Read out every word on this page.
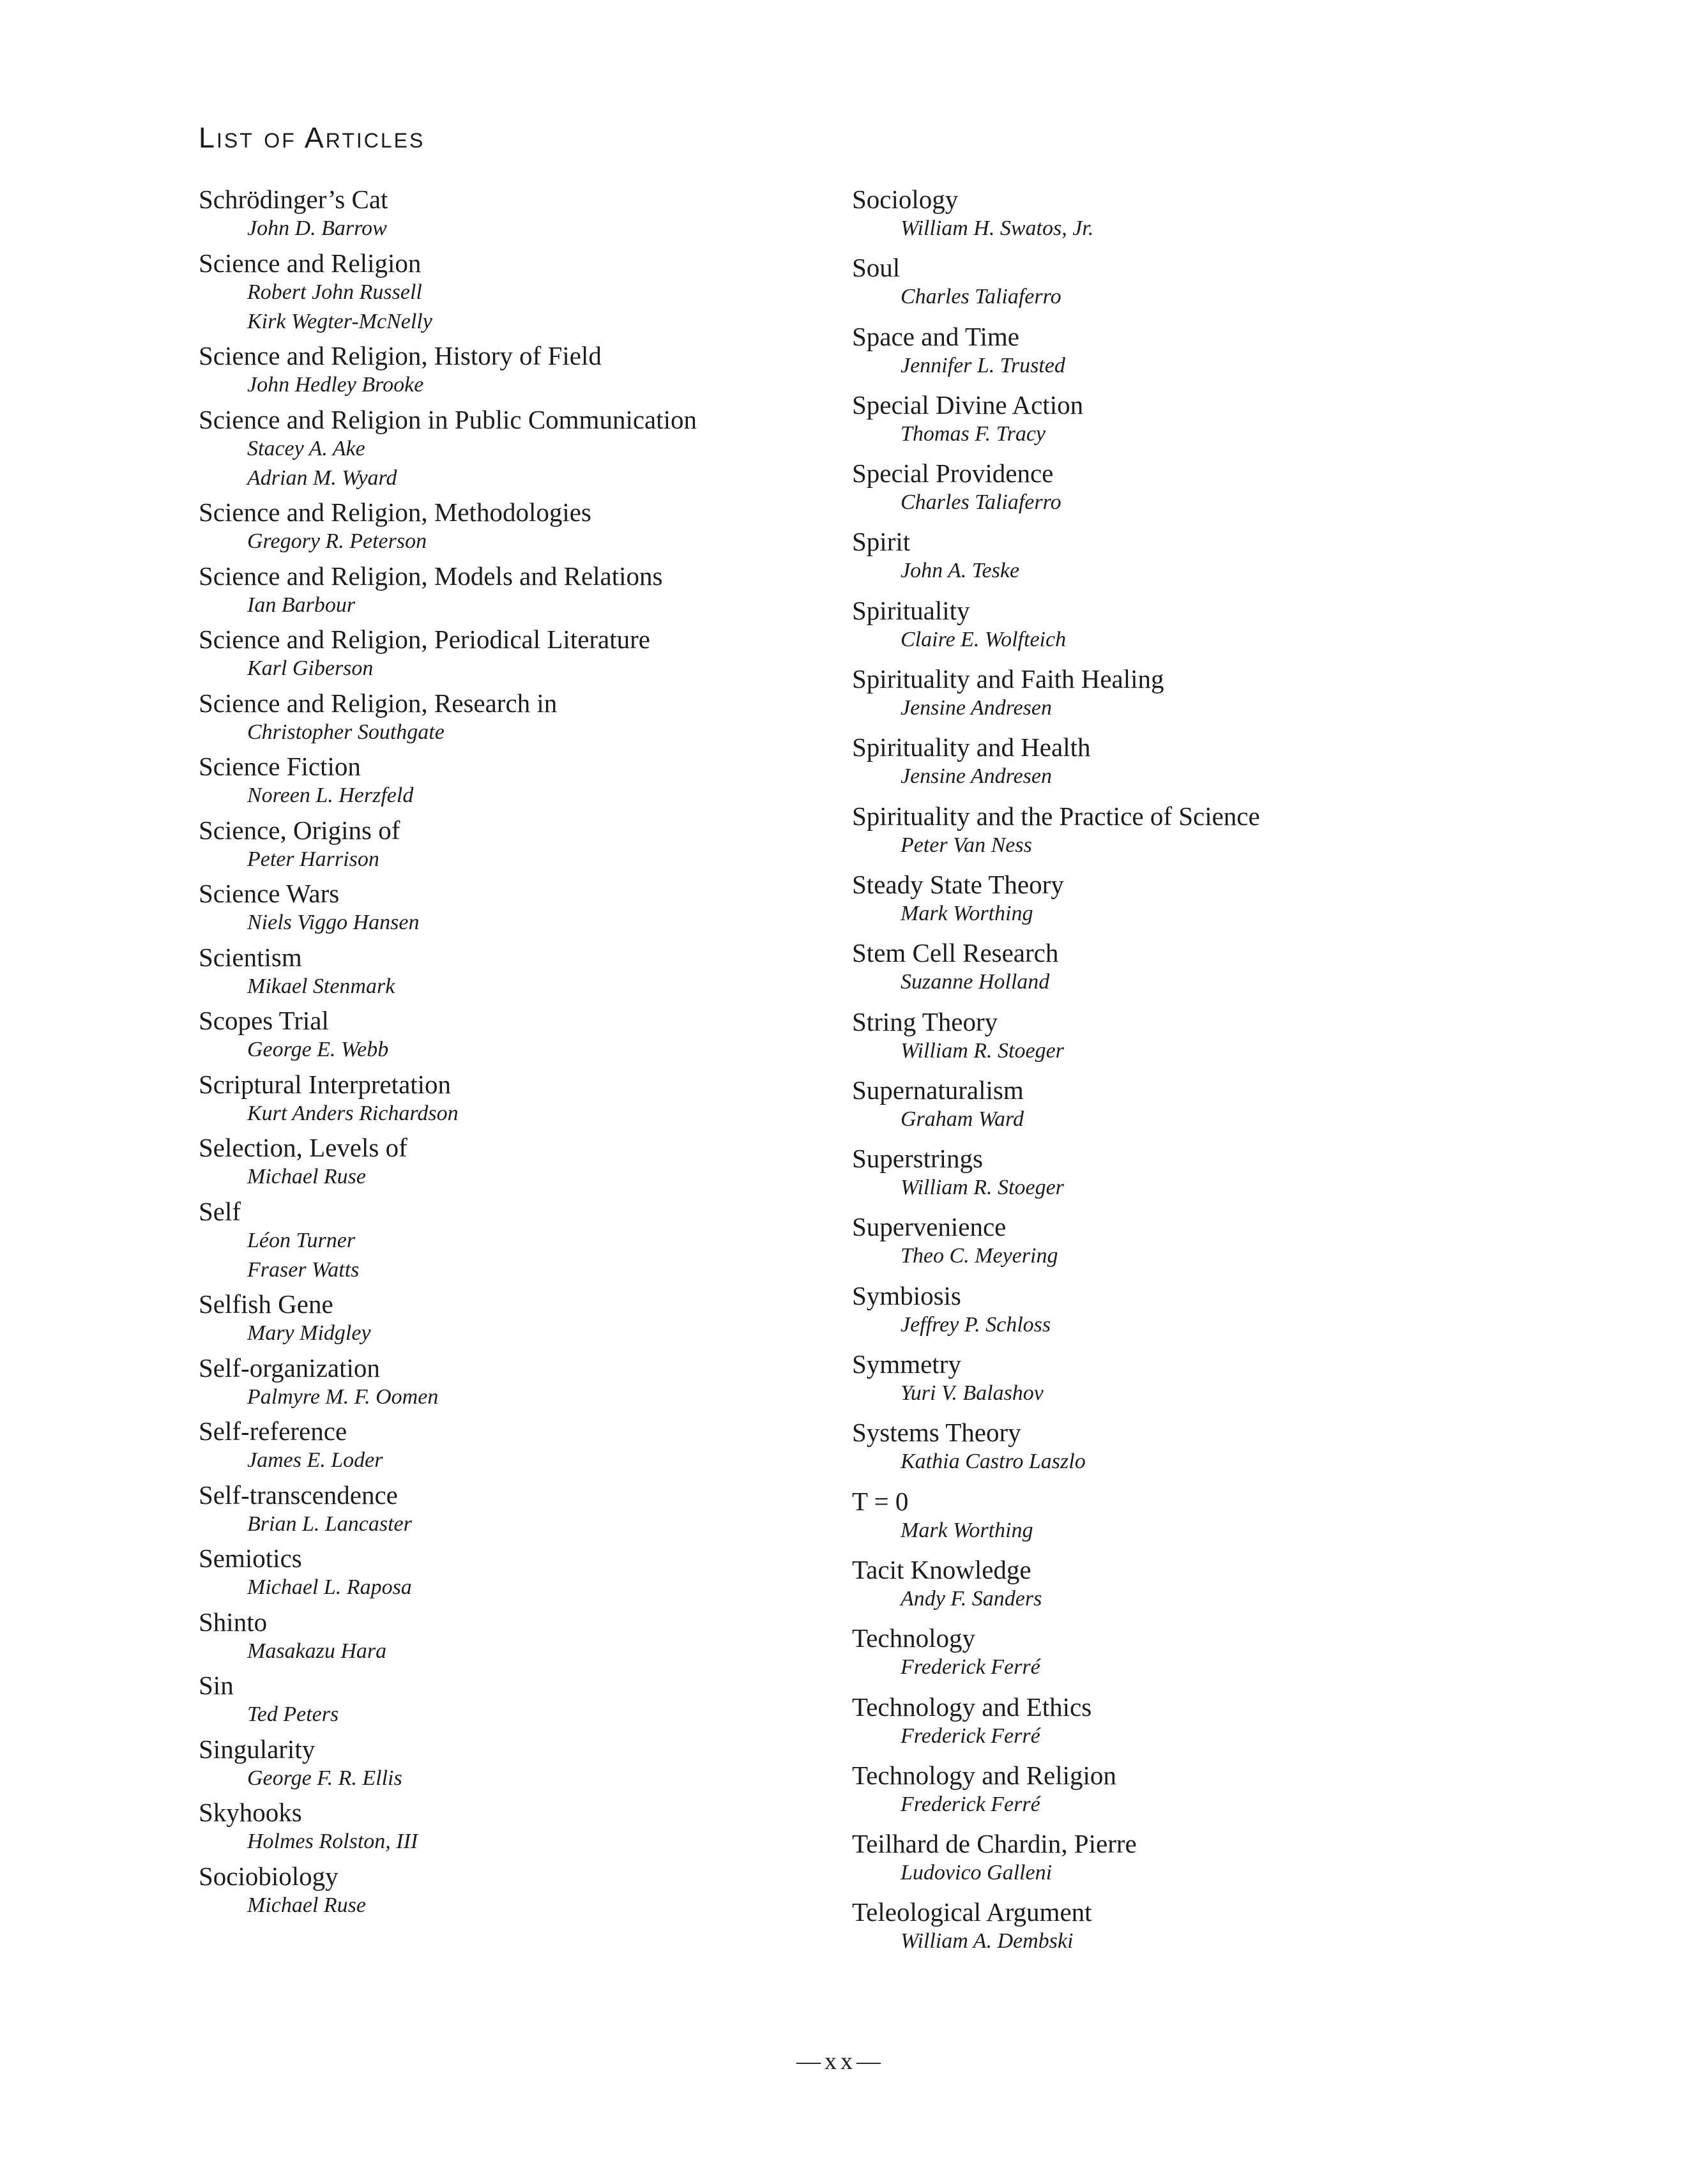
List of Articles
Schrödinger’s Cat
John D. Barrow
Science and Religion
Robert John Russell
Kirk Wegter-McNelly
Science and Religion, History of Field
John Hedley Brooke
Science and Religion in Public Communication
Stacey A. Ake
Adrian M. Wyard
Science and Religion, Methodologies
Gregory R. Peterson
Science and Religion, Models and Relations
Ian Barbour
Science and Religion, Periodical Literature
Karl Giberson
Science and Religion, Research in
Christopher Southgate
Science Fiction
Noreen L. Herzfeld
Science, Origins of
Peter Harrison
Science Wars
Niels Viggo Hansen
Scientism
Mikael Stenmark
Scopes Trial
George E. Webb
Scriptural Interpretation
Kurt Anders Richardson
Selection, Levels of
Michael Ruse
Self
Léon Turner
Fraser Watts
Selfish Gene
Mary Midgley
Self-organization
Palmyre M. F. Oomen
Self-reference
James E. Loder
Self-transcendence
Brian L. Lancaster
Semiotics
Michael L. Raposa
Shinto
Masakazu Hara
Sin
Ted Peters
Singularity
George F. R. Ellis
Skyhooks
Holmes Rolston, III
Sociobiology
Michael Ruse
Sociology
William H. Swatos, Jr.
Soul
Charles Taliaferro
Space and Time
Jennifer L. Trusted
Special Divine Action
Thomas F. Tracy
Special Providence
Charles Taliaferro
Spirit
John A. Teske
Spirituality
Claire E. Wolfteich
Spirituality and Faith Healing
Jensine Andresen
Spirituality and Health
Jensine Andresen
Spirituality and the Practice of Science
Peter Van Ness
Steady State Theory
Mark Worthing
Stem Cell Research
Suzanne Holland
String Theory
William R. Stoeger
Supernaturalism
Graham Ward
Superstrings
William R. Stoeger
Supervenience
Theo C. Meyering
Symbiosis
Jeffrey P. Schloss
Symmetry
Yuri V. Balashov
Systems Theory
Kathia Castro Laszlo
T = 0
Mark Worthing
Tacit Knowledge
Andy F. Sanders
Technology
Frederick Ferré
Technology and Ethics
Frederick Ferré
Technology and Religion
Frederick Ferré
Teilhard de Chardin, Pierre
Ludovico Galleni
Teleological Argument
William A. Dembski
—xx—
